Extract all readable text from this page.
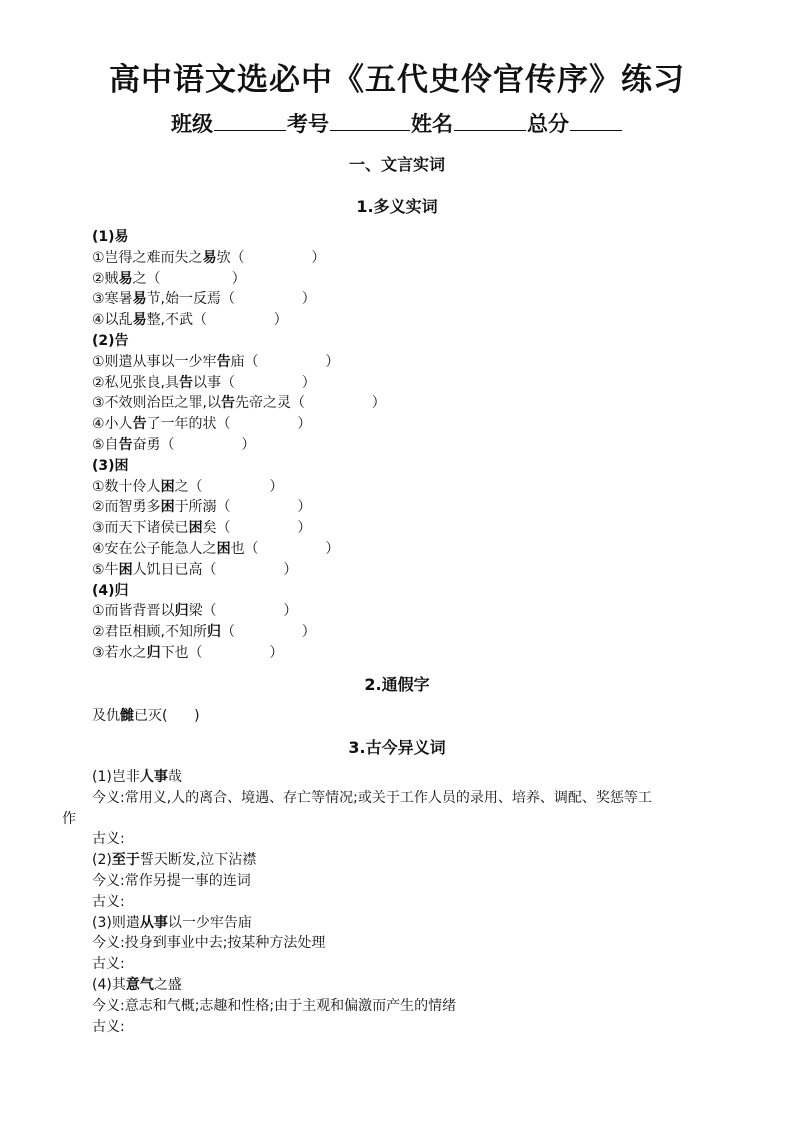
高中语文选必中《五代史伶官传序》练习
班级	考号	姓名	总分
一、文言实词
1.多义实词
(1)易
①岂得之难而失之易欤（	）
②贼易之（	）
③寒暑易节,始一反焉（	）
④以乱易整,不武（	）
(2)告
①则遣从事以一少牢告庙（	）
②私见张良,具告以事（	）
③不效则治臣之罪,以告先帝之灵（	）
④小人告了一年的状（	）
⑤自告奋勇（	）
(3)困
①数十伶人困之（	）
②而智勇多困于所溺（	）
③而天下诸侯已困矣（	）
④安在公子能急人之困也（	）
⑤牛困人饥日已高（	）
(4)归
①而皆背晋以归梁（	）
②君臣相顾,不知所归（	）
③若水之归下也（	）
2.通假字
及仇雠已灭( )
3.古今异义词
(1)岂非人事哉
今义:常用义,人的离合、境遇、存亡等情况;或关于工作人员的录用、培养、调配、奖惩等工
作
古义:
(2)至于誓天断发,泣下沾襟
今义:常作另提一事的连词
古义:
(3)则遣从事以一少牢告庙
今义:投身到事业中去;按某种方法处理
古义:
(4)其意气之盛
今义:意志和气概;志趣和性格;由于主观和偏激而产生的情绪
古义:
